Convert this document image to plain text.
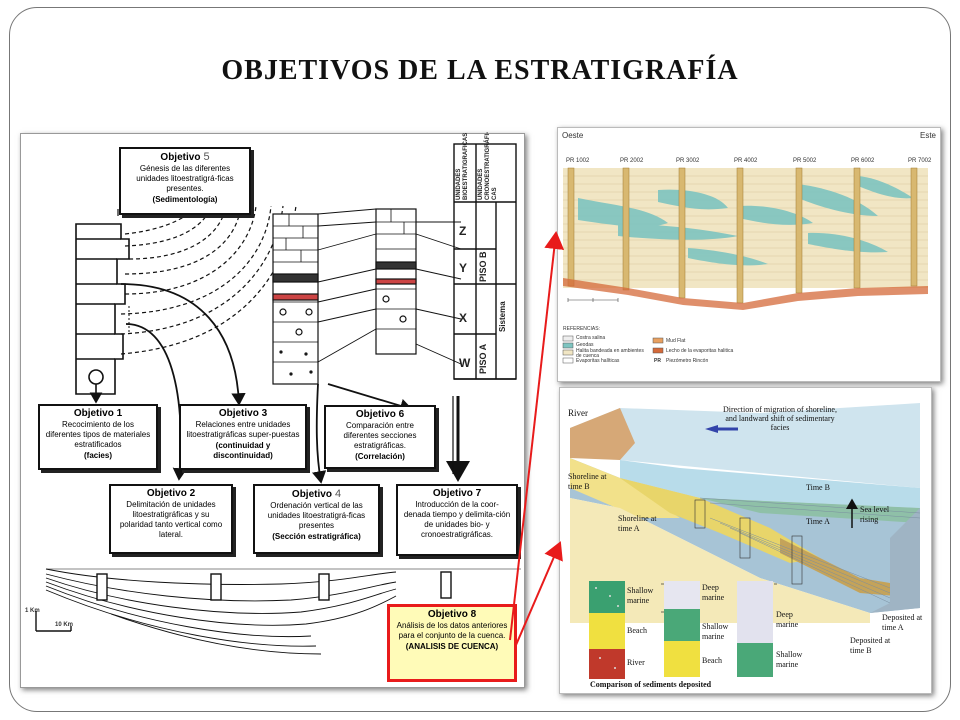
OBJETIVOS DE LA ESTRATIGRAFÍA
Objetivo 5
Génesis de las diferentes unidades litoestratigrá-ficas presentes.
(Sedimentología)
Objetivo 1
Recocimiento de los diferentes tipos de materiales estratificados
(facies)
Objetivo 3
Relaciones entre unidades litoestratigráficas super-puestas
(continuidad y discontinuidad)
Objetivo 6
Comparación entre diferentes secciones estratigráficas.
(Correlación)
Objetivo 2
Delimitación de unidades litoestratigráficas y su polaridad tanto vertical como lateral.
Objetivo 4
Ordenación vertical de las unidades litoestratigrá-ficas presentes
(Sección estratigráfica)
Objetivo 7
Introducción de la coor-denada tiempo y delimita-ción de unidades bio- y cronoestratigráficas.
Objetivo 8
Análisis de los datos anteriores para el conjunto de la cuenca.
(ANALISIS DE CUENCA)
UNIDADES BIOESTRATIGRAFICAS	UNIDADES CRONOESTRATIGRÁFI-CAS
Z
Y
X
W
PISO B
PISO A
Sistema
1 Km
10 Km
Oeste	Este
PR 1002	PR 2002	PR 3002	PR 4002	PR 5002	PR 6002	PR 7002
REFERENCIAS:
Costra salina
Geodas
Halita bandeada en ambientes de cuenca
Evaporitas halíticas
Mud Flat
Lecho de la evaporitas halitica
PR Piezómetro Rincón
River	Direction of migration of shoreline, and landward shift of sedimentary facies
Shoreline at time B
Shoreline at time A
Time B
Time A
Sea level rising
Deposited at time A
Deposited at time B
Shallow marine
Beach
River
Deep marine
Shallow marine
Beach
Deep marine
Shallow marine
Comparison of sediments deposited
